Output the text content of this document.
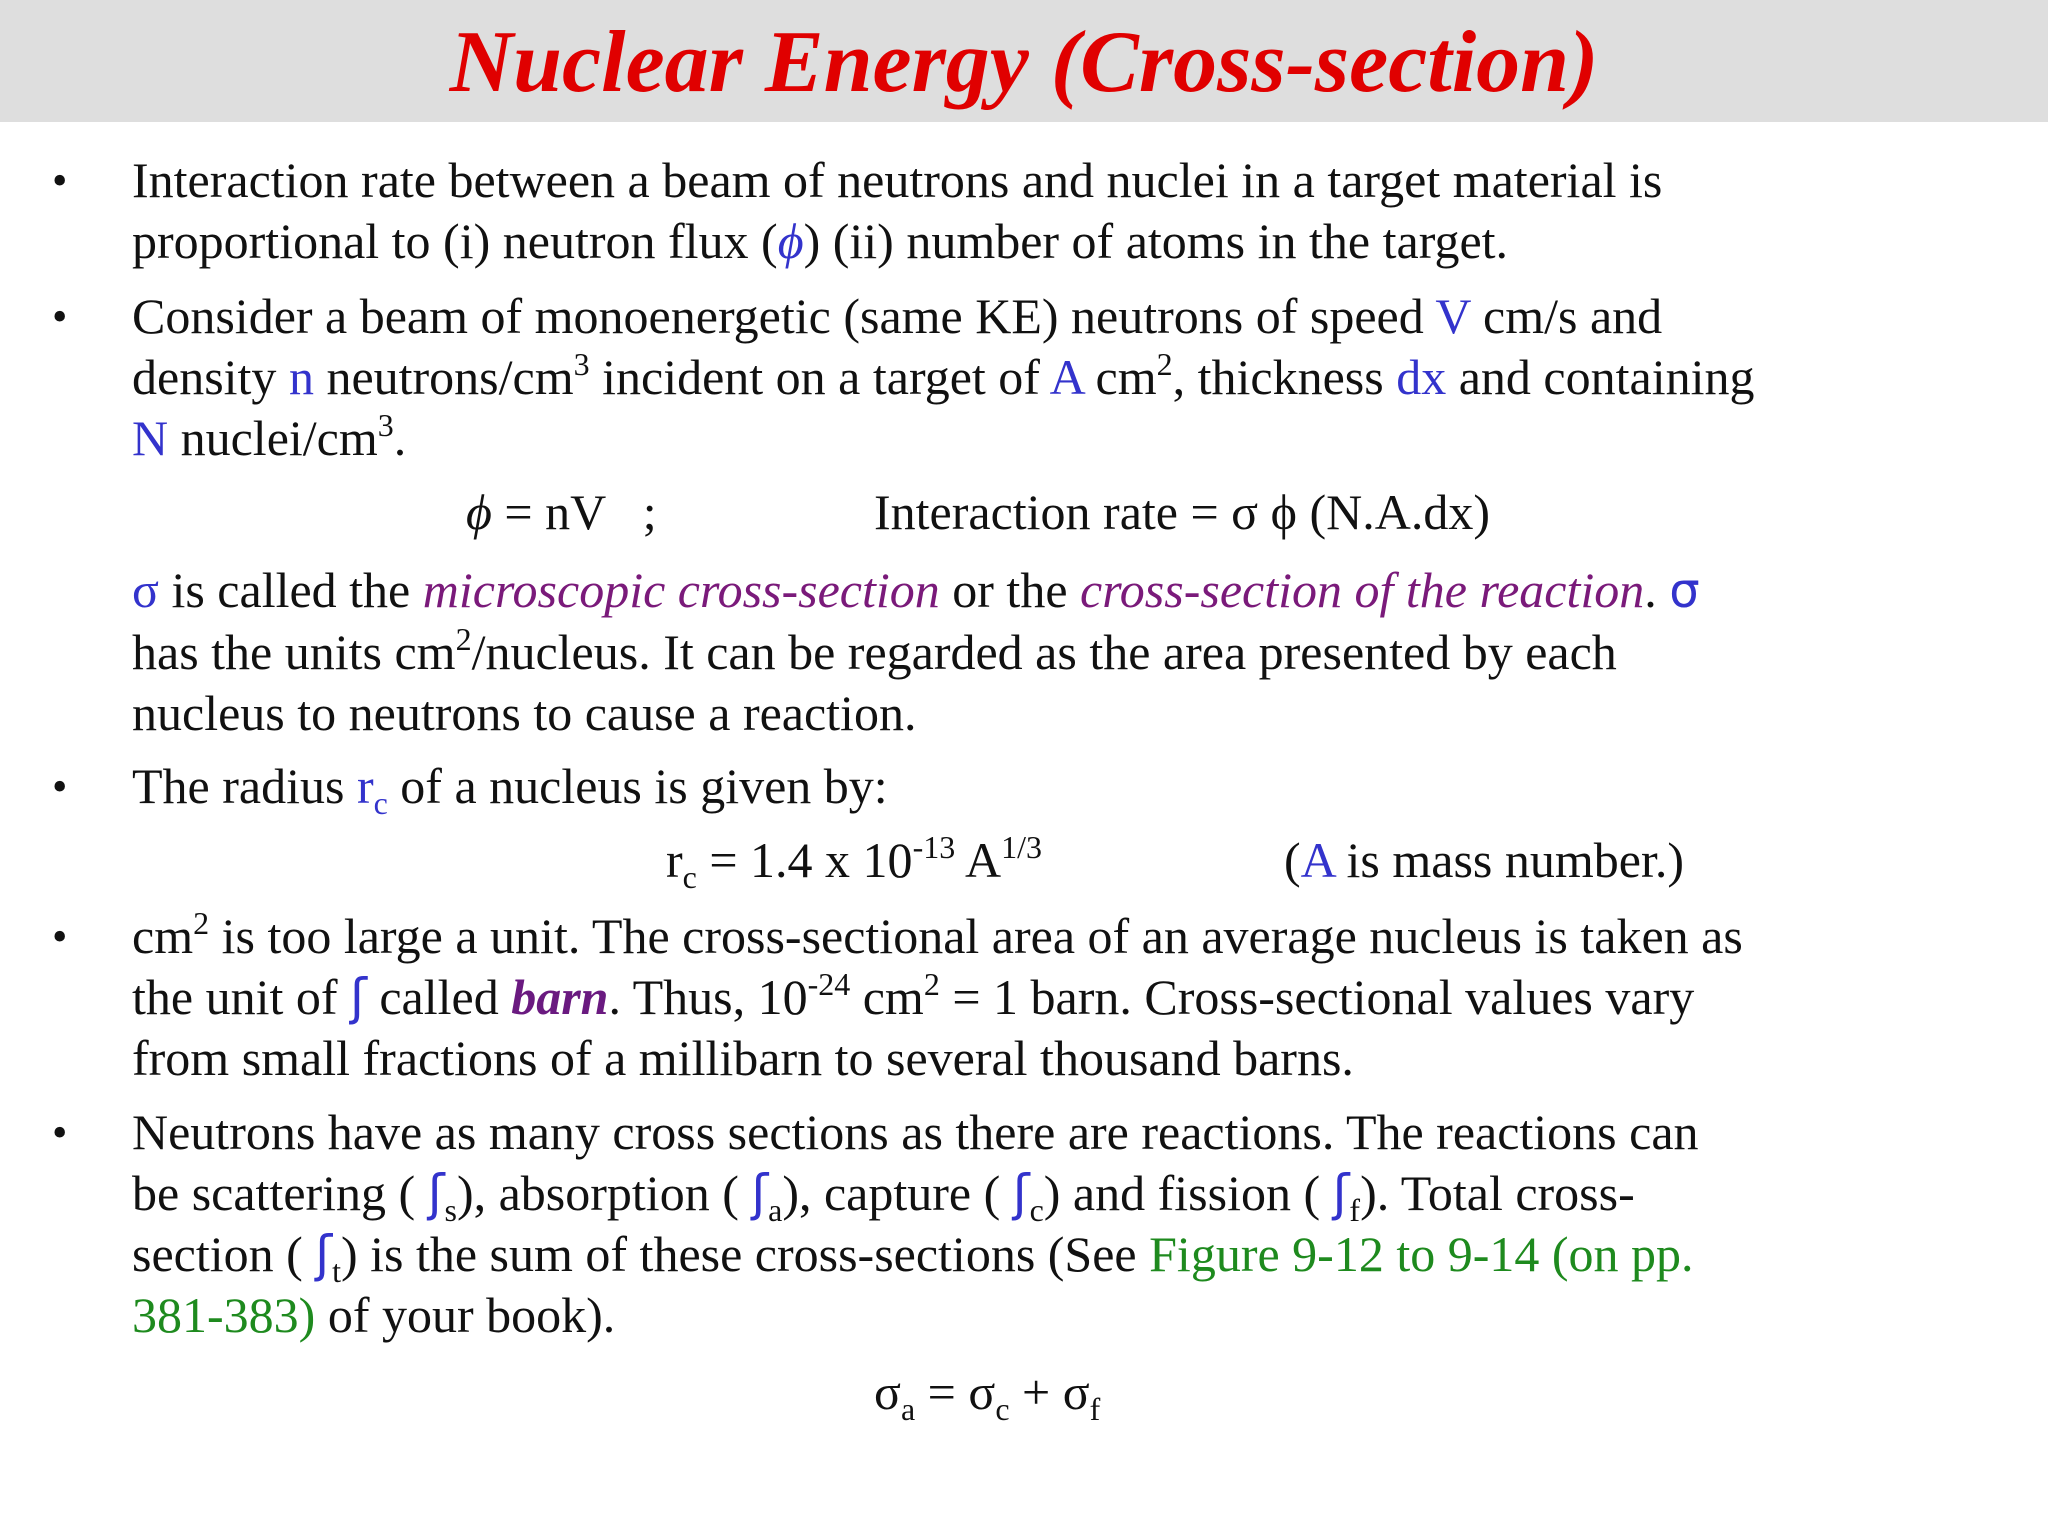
Nuclear Energy (Cross-section)
• Interaction rate between a beam of neutrons and nuclei in a target material is
proportional to (i) neutron flux (ϕ) (ii) number of atoms in the target.
• Consider a beam of monoenergetic (same KE) neutrons of speed V cm/s and
density n neutrons/$cm^3$ incident on a target of A $cm^2$, thickness dx and containing
N nuclei/$cm^3$.
ϕ = nV   ;	Interaction rate = σ ϕ (N.A.dx)
σ is called the microscopic cross-section or the cross-section of the reaction. σ
has the units $cm^2$/nucleus. It can be regarded as the area presented by each
nucleus to neutrons to cause a reaction.
• The radius $r_c$ of a nucleus is given by:
$r_c = 1.4$ x $10^{-13}$ $A^{1/3}$	(A is mass number.)
• $cm^2$ is too large a unit. The cross-sectional area of an average nucleus is taken as
the unit of ʃ called barn. Thus, $10^{-24}$ $cm^2 = 1$ barn. Cross-sectional values vary
from small fractions of a millibarn to several thousand barns.
• Neutrons have as many cross sections as there are reactions. The reactions can
be scattering ( ʃ$_s$), absorption ( ʃ$_a$), capture ( ʃ$_c$) and fission ( ʃ$_f$). Total cross-
section ( ʃ$_t$) is the sum of these cross-sections (See Figure 9-12 to 9-14 (on pp.
381-383) of your book).
$\sigma_a = \sigma_c + \sigma_f$
